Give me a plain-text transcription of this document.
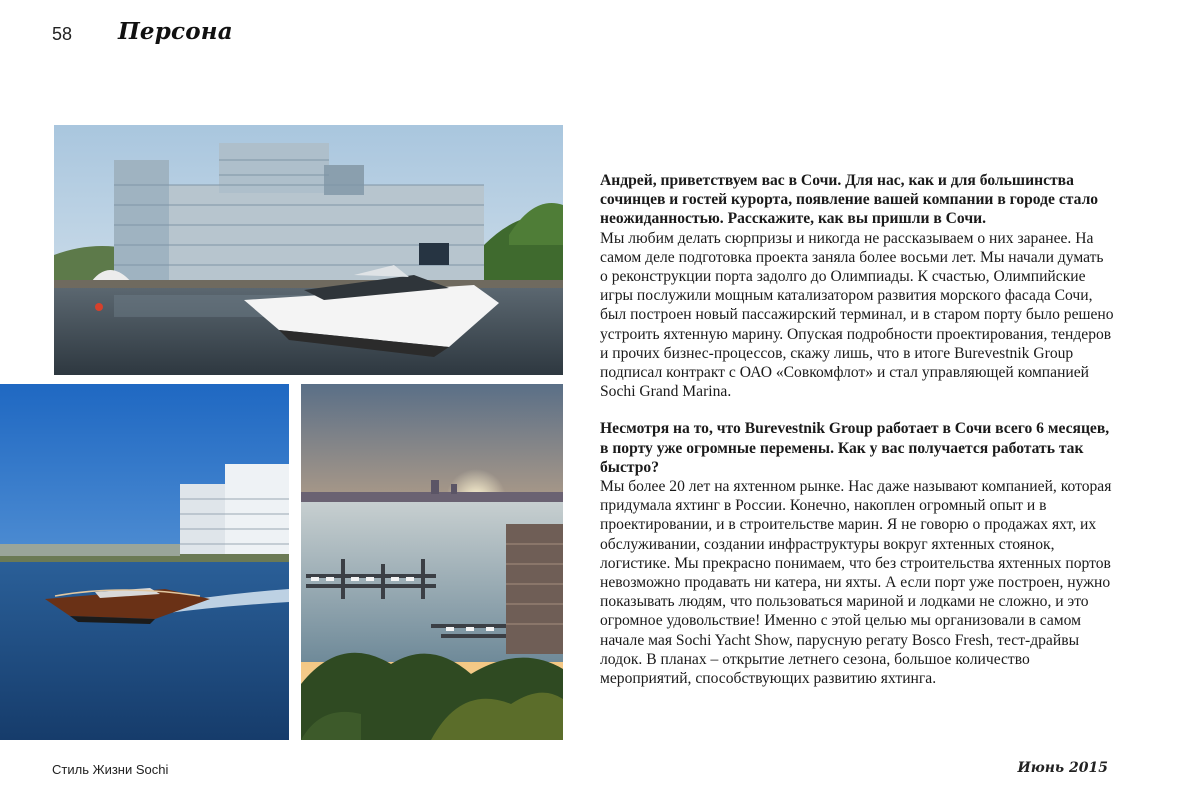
58 Персона

Андрей, приветствуем вас в Сочи. Для нас, как и для большинства сочинцев и гостей курорта, появление вашей компании в городе стало неожиданностью. Расскажите, как вы пришли в Сочи.

Мы любим делать сюрпризы и никогда не рассказываем о них заранее. На самом деле подготовка проекта заняла более восьми лет. Мы начали думать о реконструкции порта задолго до Олимпиады. К счастью, Олимпийские игры послужили мощным катализатором развития морского фасада Сочи, был построен новый пассажирский терминал, и в старом порту было решено устроить яхтенную марину. Опуская подробности проектирования, тендеров и прочих бизнес-процессов, скажу лишь, что в итоге Burevestnik Group подписал контракт с ОАО «Совкомфлот» и стал управляющей компанией Sochi Grand Marina.

Несмотря на то, что Burevestnik Group работает в Сочи всего 6 месяцев, в порту уже огромные перемены. Как у вас получается работать так быстро?

Мы более 20 лет на яхтенном рынке. Нас даже называют компанией, которая придумала яхтинг в России. Конечно, накоплен огромный опыт и в проектировании, и в строительстве марин. Я не говорю о продажах яхт, их обслуживании, создании инфраструктуры вокруг яхтенных стоянок, логистике. Мы прекрасно понимаем, что без строительства яхтенных портов невозможно продавать ни катера, ни яхты. А если порт уже построен, нужно показывать людям, что пользоваться мариной и лодками не сложно, и это огромное удовольствие! Именно с этой целью мы организовали в самом начале мая Sochi Yacht Show, парусную регату Bosco Fresh, тест-драйвы лодок. В планах – открытие летнего сезона, большое количество мероприятий, способствующих развитию яхтинга.

Стиль Жизни Sochi	Июнь 2015
